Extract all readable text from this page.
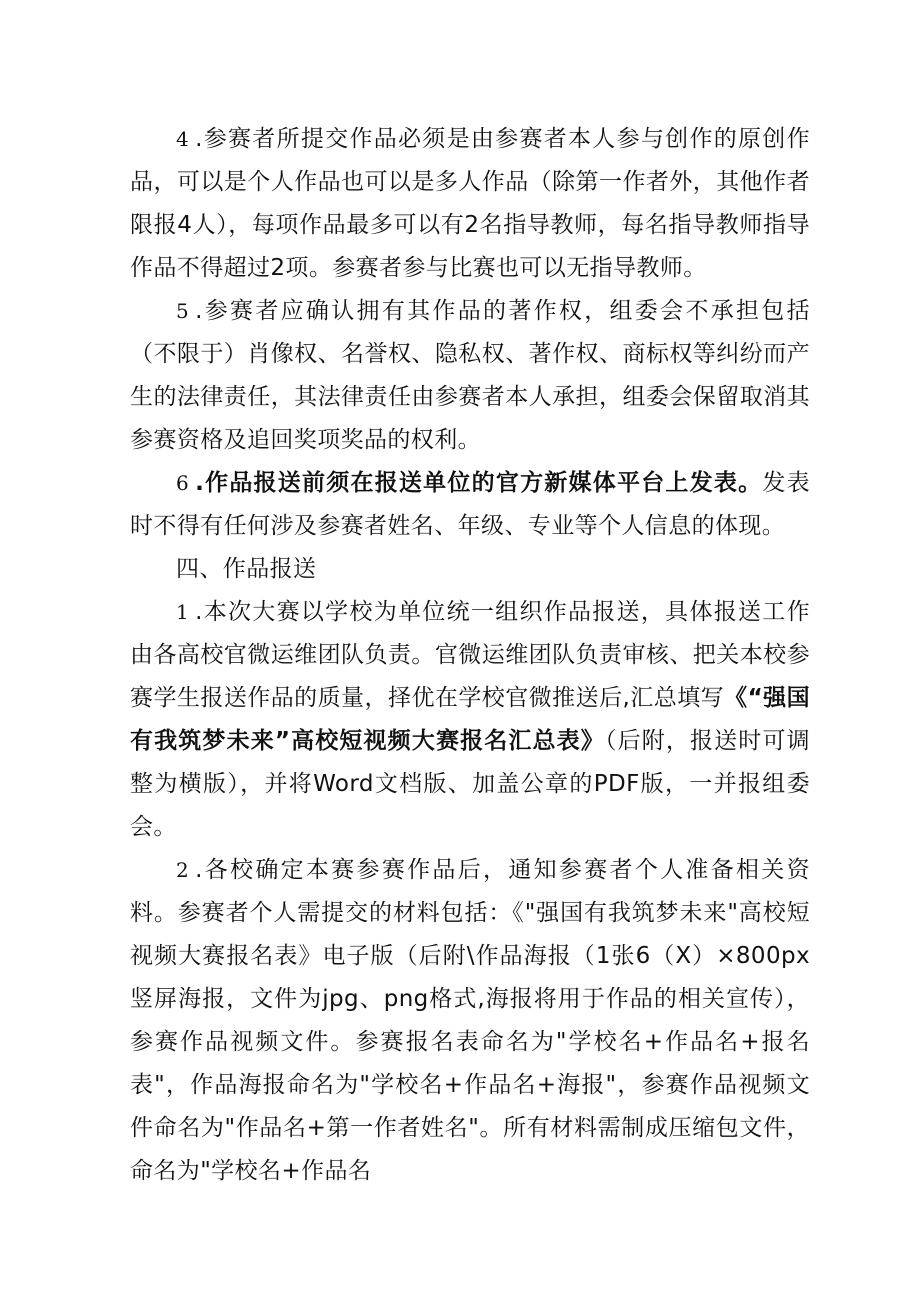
4 .参赛者所提交作品必须是由参赛者本人参与创作的原创作品，可以是个人作品也可以是多人作品（除第一作者外，其他作者限报4人），每项作品最多可以有2名指导教师，每名指导教师指导作品不得超过2项。参赛者参与比赛也可以无指导教师。

5 .参赛者应确认拥有其作品的著作权，组委会不承担包括（不限于）肖像权、名誉权、隐私权、著作权、商标权等纠纷而产生的法律责任，其法律责任由参赛者本人承担，组委会保留取消其参赛资格及追回奖项奖品的权利。

6 .作品报送前须在报送单位的官方新媒体平台上发表。发表时不得有任何涉及参赛者姓名、年级、专业等个人信息的体现。

四、作品报送

1 .本次大赛以学校为单位统一组织作品报送，具体报送工作由各高校官微运维团队负责。官微运维团队负责审核、把关本校参赛学生报送作品的质量，择优在学校官微推送后,汇总填写《“强国有我筑梦未来”高校短视频大赛报名汇总表》（后附，报送时可调整为横版），并将Word文档版、加盖公章的PDF版，一并报组委会。

2 .各校确定本赛参赛作品后，通知参赛者个人准备相关资料。参赛者个人需提交的材料包括：《"强国有我筑梦未来"高校短视频大赛报名表》电子版（后附\作品海报（1张6（X）×800px竖屏海报，文件为jpg、png格式,海报将用于作品的相关宣传），参赛作品视频文件。参赛报名表命名为"学校名+作品名+报名表"，作品海报命名为"学校名+作品名+海报"，参赛作品视频文件命名为"作品名+第一作者姓名"。所有材料需制成压缩包文件，命名为"学校名+作品名
